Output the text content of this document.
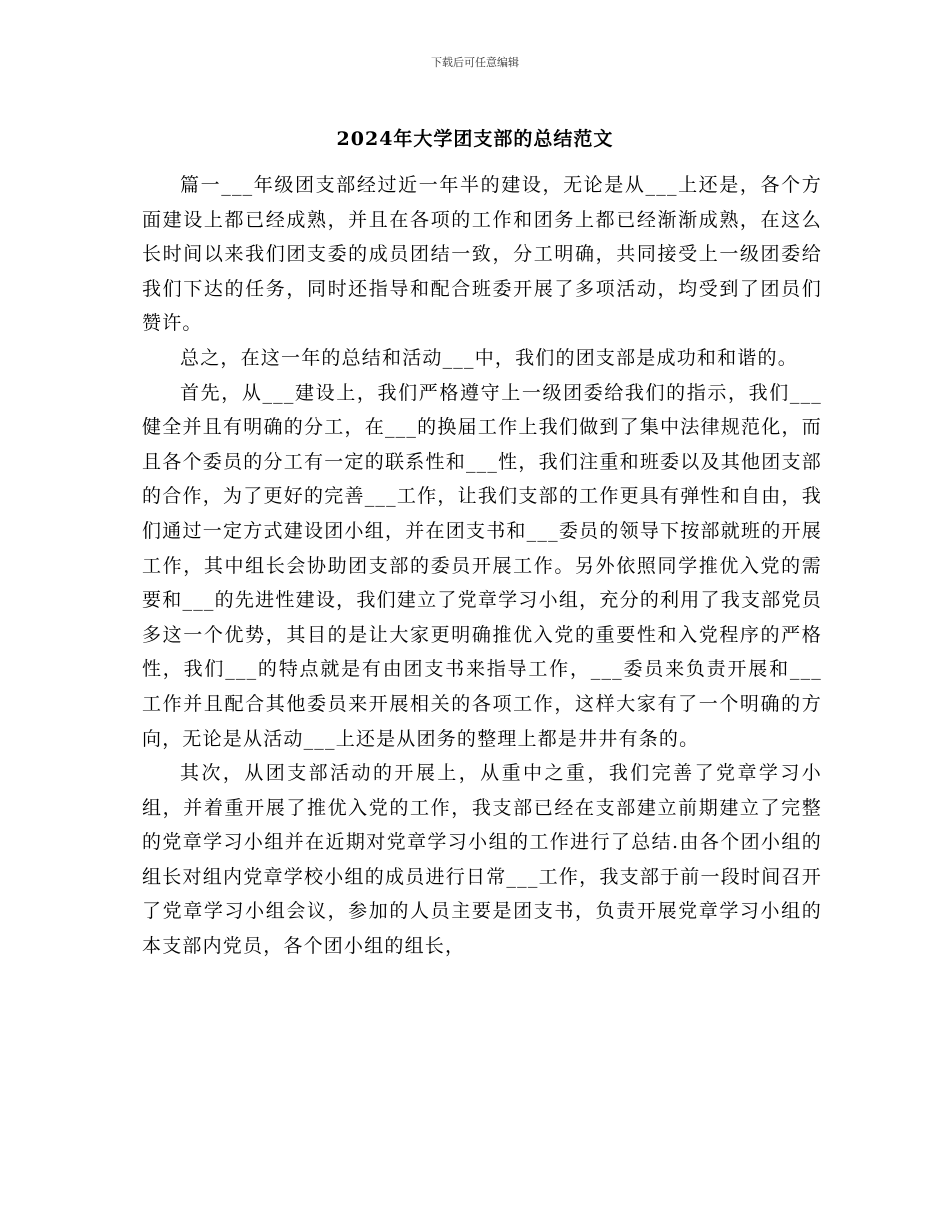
下载后可任意编辑
2024年大学团支部的总结范文

篇一___年级团支部经过近一年半的建设，无论是从___上还是，各个方面建设上都已经成熟，并且在各项的工作和团务上都已经渐渐成熟，在这么长时间以来我们团支委的成员团结一致，分工明确，共同接受上一级团委给我们下达的任务，同时还指导和配合班委开展了多项活动，均受到了团员们赞许。

总之，在这一年的总结和活动___中，我们的团支部是成功和和谐的。

首先，从___建设上，我们严格遵守上一级团委给我们的指示，我们___健全并且有明确的分工，在___的换届工作上我们做到了集中法律规范化，而且各个委员的分工有一定的联系性和___性，我们注重和班委以及其他团支部的合作，为了更好的完善___工作，让我们支部的工作更具有弹性和自由，我们通过一定方式建设团小组，并在团支书和___委员的领导下按部就班的开展工作，其中组长会协助团支部的委员开展工作。另外依照同学推优入党的需要和___的先进性建设，我们建立了党章学习小组，充分的利用了我支部党员多这一个优势，其目的是让大家更明确推优入党的重要性和入党程序的严格性，我们___的特点就是有由团支书来指导工作，___委员来负责开展和___工作并且配合其他委员来开展相关的各项工作，这样大家有了一个明确的方向，无论是从活动___上还是从团务的整理上都是井井有条的。

其次，从团支部活动的开展上，从重中之重，我们完善了党章学习小组，并着重开展了推优入党的工作，我支部已经在支部建立前期建立了完整的党章学习小组并在近期对党章学习小组的工作进行了总结.由各个团小组的组长对组内党章学校小组的成员进行日常___工作，我支部于前一段时间召开了党章学习小组会议，参加的人员主要是团支书，负责开展党章学习小组的本支部内党员，各个团小组的组长，
